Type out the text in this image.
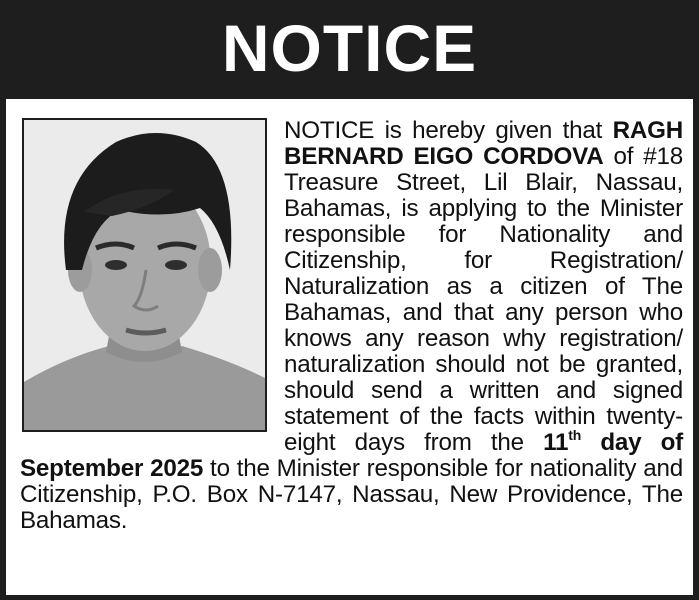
NOTICE
NOTICE is hereby given that RAGH BERNARD EIGO CORDOVA of #18 Treasure Street, Lil Blair, Nassau, Bahamas, is applying to the Minister responsible for Nationality and Citizenship, for Registration/ Naturalization as a citizen of The Bahamas, and that any person who knows any reason why registration/ naturalization should not be granted, should send a written and signed statement of the facts within twenty-eight days from the 11th day of September 2025 to the Minister responsible for nationality and Citizenship, P.O. Box N-7147, Nassau, New Providence, The Bahamas.
